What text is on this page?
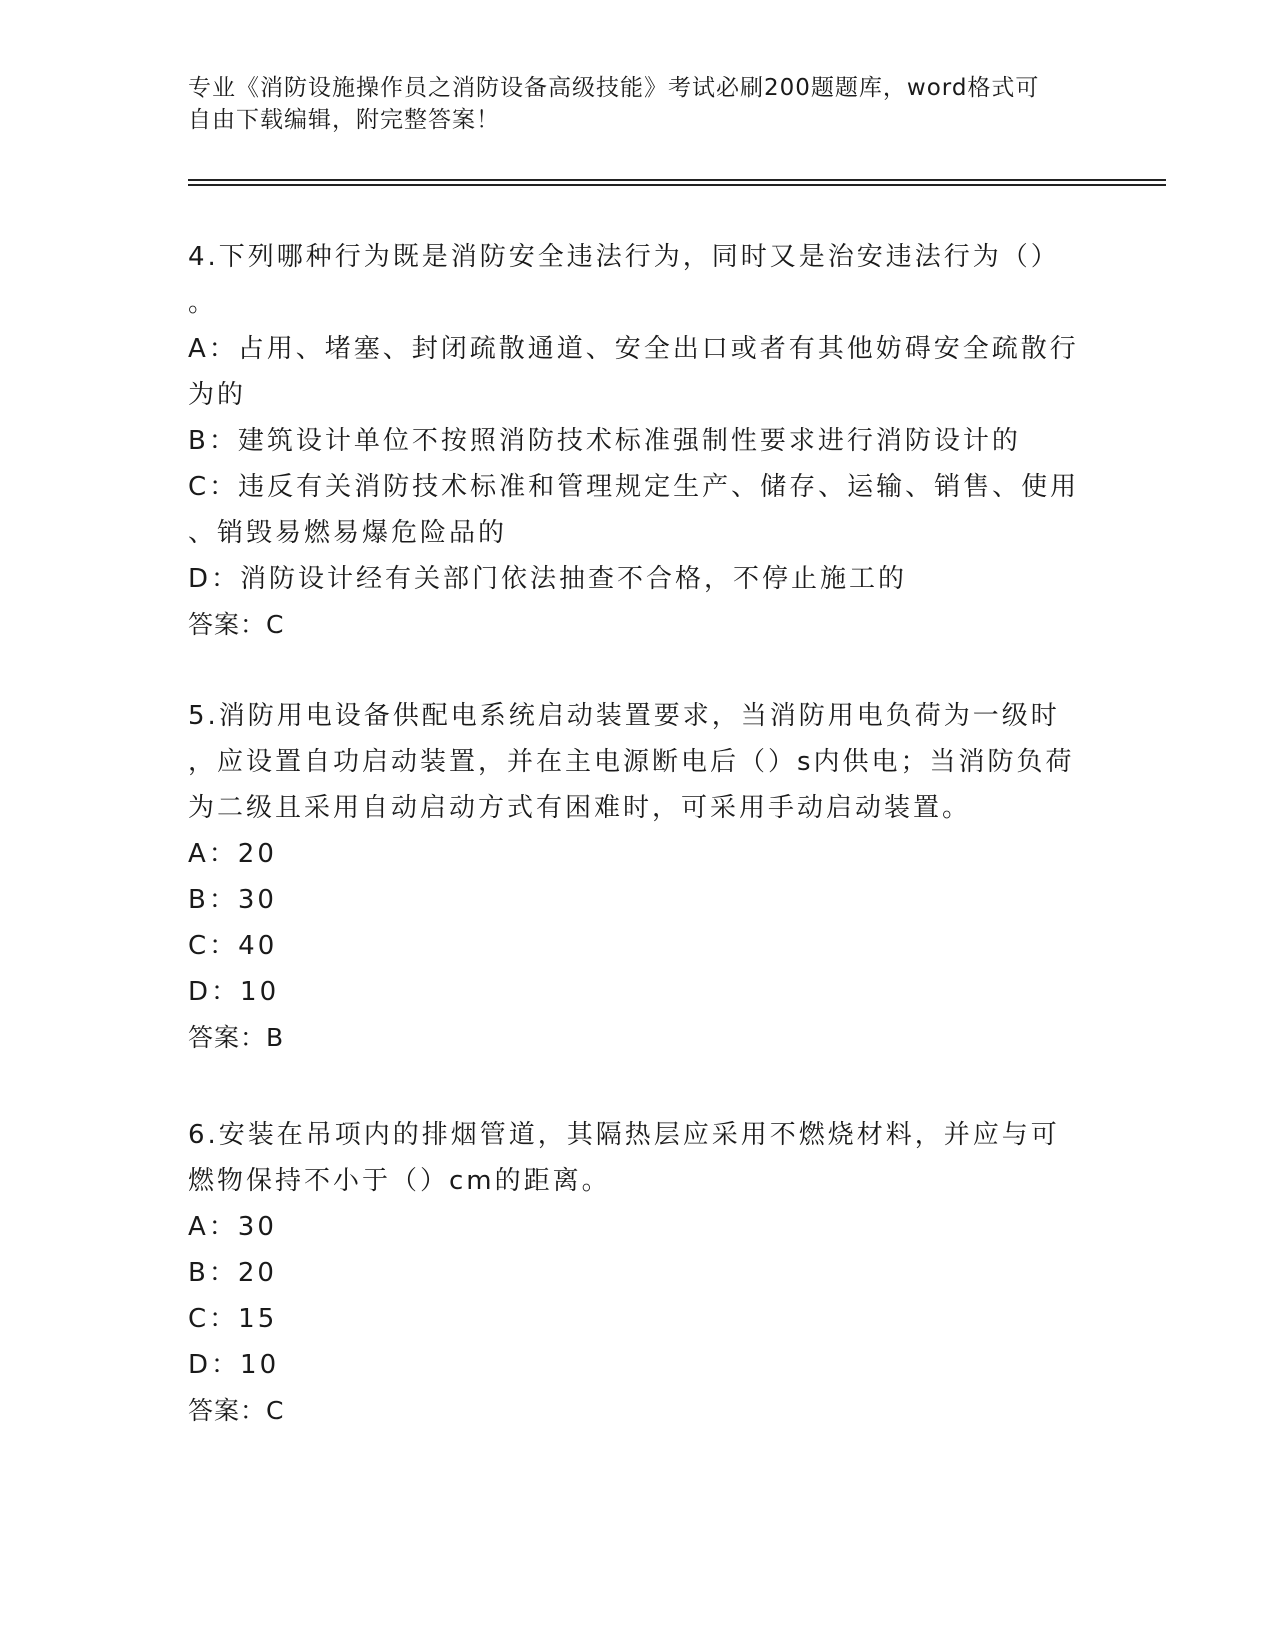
专业《消防设施操作员之消防设备高级技能》考试必刷200题题库，word格式可
自由下载编辑，附完整答案！
4.下列哪种行为既是消防安全违法行为，同时又是治安违法行为（）
。
A：占用、堵塞、封闭疏散通道、安全出口或者有其他妨碍安全疏散行
为的
B：建筑设计单位不按照消防技术标准强制性要求进行消防设计的
C：违反有关消防技术标准和管理规定生产、储存、运输、销售、使用
、销毁易燃易爆危险品的
D：消防设计经有关部门依法抽查不合格，不停止施工的
答案：C
5.消防用电设备供配电系统启动装置要求，当消防用电负荷为一级时
，应设置自功启动装置，并在主电源断电后（）s内供电；当消防负荷
为二级且采用自动启动方式有困难时，可采用手动启动装置。
A：20
B：30
C：40
D：10
答案：B
6.安装在吊项内的排烟管道，其隔热层应采用不燃烧材料，并应与可
燃物保持不小于（）cm的距离。
A：30
B：20
C：15
D：10
答案：C
